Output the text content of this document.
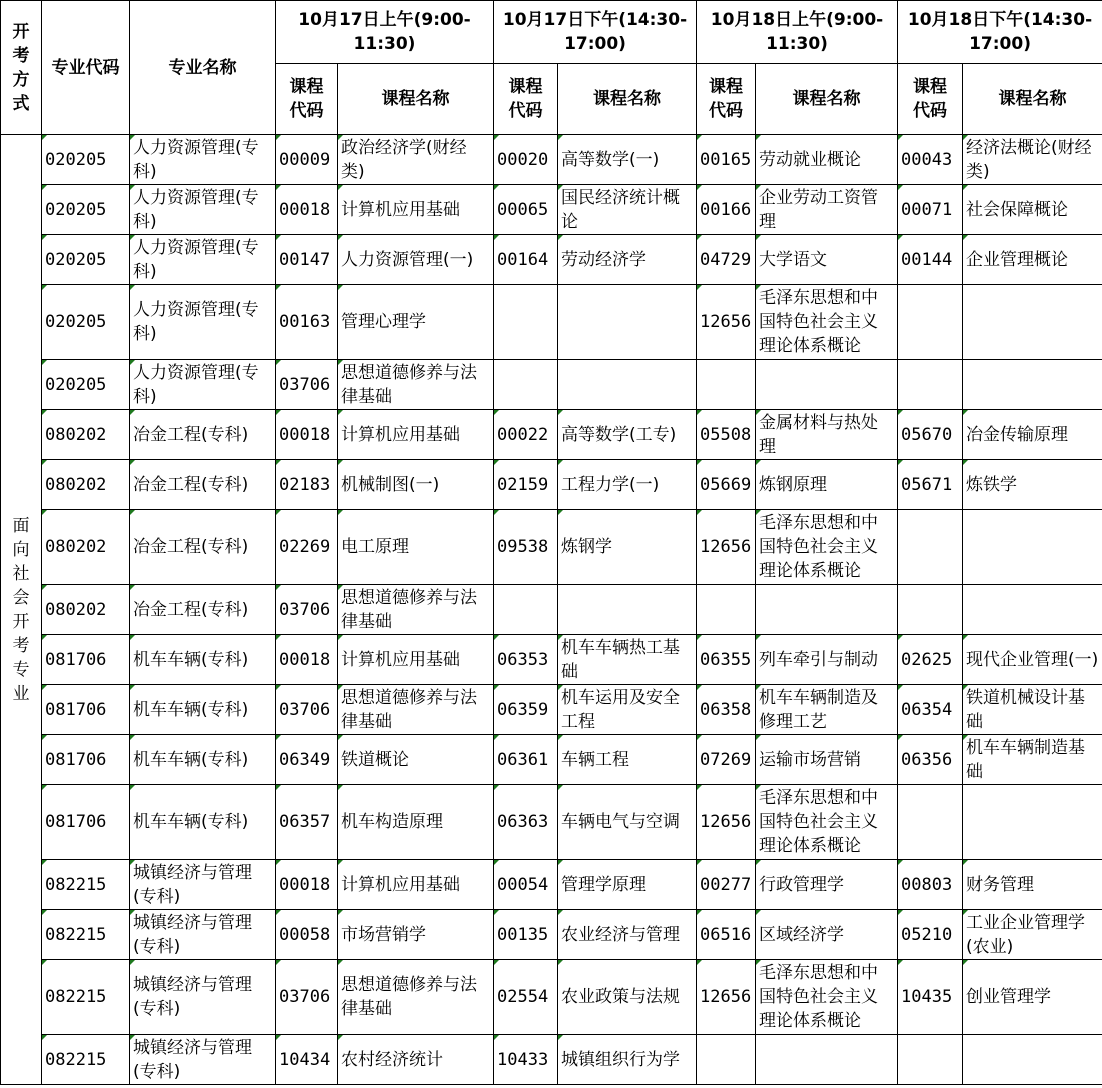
开考方式	专业代码	专业名称	10月17日上午(9:00-11:30)		10月17日下午(14:30-17:00)		10月18日上午(9:00-11:30)		10月18日下午(14:30-17:00)	
			课程代码	课程名称	课程代码	课程名称	课程代码	课程名称	课程代码	课程名称
面向社会开考专业	020205	人力资源管理(专科)	00009	政治经济学(财经类)	00020	高等数学(一)	00165	劳动就业概论	00043	经济法概论(财经类)
	020205	人力资源管理(专科)	00018	计算机应用基础	00065	国民经济统计概论	00166	企业劳动工资管理	00071	社会保障概论
	020205	人力资源管理(专科)	00147	人力资源管理(一)	00164	劳动经济学	04729	大学语文	00144	企业管理概论
	020205	人力资源管理(专科)	00163	管理心理学			12656	毛泽东思想和中国特色社会主义理论体系概论		
	020205	人力资源管理(专科)	03706	思想道德修养与法律基础						
	080202	冶金工程(专科)	00018	计算机应用基础	00022	高等数学(工专)	05508	金属材料与热处理	05670	冶金传输原理
	080202	冶金工程(专科)	02183	机械制图(一)	02159	工程力学(一)	05669	炼钢原理	05671	炼铁学
	080202	冶金工程(专科)	02269	电工原理	09538	炼钢学	12656	毛泽东思想和中国特色社会主义理论体系概论		
	080202	冶金工程(专科)	03706	思想道德修养与法律基础						
	081706	机车车辆(专科)	00018	计算机应用基础	06353	机车车辆热工基础	06355	列车牵引与制动	02625	现代企业管理(一)
	081706	机车车辆(专科)	03706	思想道德修养与法律基础	06359	机车运用及安全工程	06358	机车车辆制造及修理工艺	06354	铁道机械设计基础
	081706	机车车辆(专科)	06349	铁道概论	06361	车辆工程	07269	运输市场营销	06356	机车车辆制造基础
	081706	机车车辆(专科)	06357	机车构造原理	06363	车辆电气与空调	12656	毛泽东思想和中国特色社会主义理论体系概论		
	082215	城镇经济与管理(专科)	00018	计算机应用基础	00054	管理学原理	00277	行政管理学	00803	财务管理
	082215	城镇经济与管理(专科)	00058	市场营销学	00135	农业经济与管理	06516	区域经济学	05210	工业企业管理学(农业)
	082215	城镇经济与管理(专科)	03706	思想道德修养与法律基础	02554	农业政策与法规	12656	毛泽东思想和中国特色社会主义理论体系概论	10435	创业管理学
	082215	城镇经济与管理(专科)	10434	农村经济统计	10433	城镇组织行为学				
